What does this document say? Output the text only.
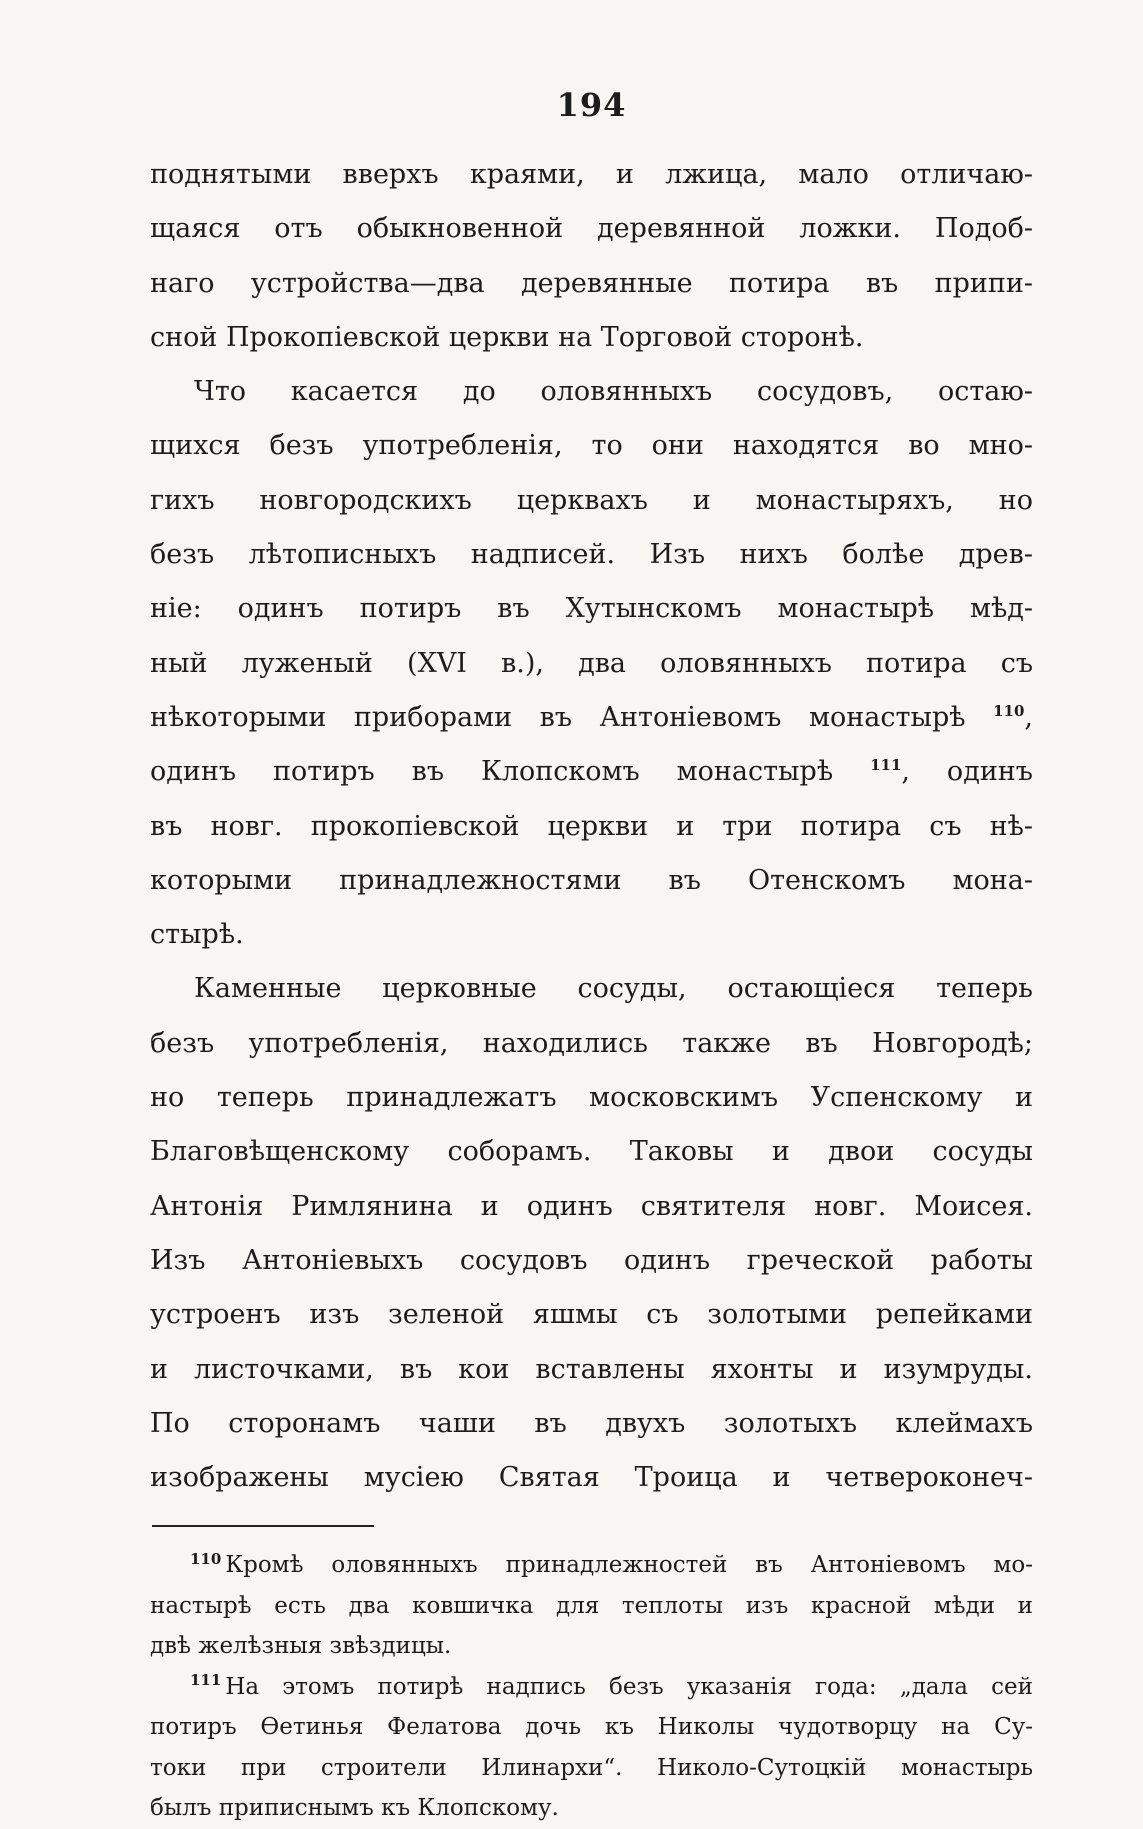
194
поднятыми вверхъ краями, и лжица, мало отличаю-
щаяся отъ обыкновенной деревянной ложки. Подоб-
наго устройства—два деревянные потира въ припи-
сной Прокопіевской церкви на Торговой сторонѣ.
Что касается до оловянныхъ сосудовъ, остаю-
щихся безъ употребленія, то они находятся во мно-
гихъ новгородскихъ церквахъ и монастыряхъ, но
безъ лѣтописныхъ надписей. Изъ нихъ болѣе древ-
ніе: одинъ потиръ въ Хутынскомъ монастырѣ мѣд-
ный луженый (XVI в.), два оловянныхъ потира съ
нѣкоторыми приборами въ Антоніевомъ монастырѣ $^{110}$,
одинъ потиръ въ Клопскомъ монастырѣ $^{111}$, одинъ
въ новг. прокопіевской церкви и три потира съ нѣ-
которыми принадлежностями въ Отенскомъ мона-
стырѣ.
Каменные церковные сосуды, остающіеся теперь
безъ употребленія, находились также въ Новгородѣ;
но теперь принадлежатъ московскимъ Успенскому и
Благовѣщенскому соборамъ. Таковы и двои сосуды
Антонія Римлянина и одинъ святителя новг. Моисея.
Изъ Антоніевыхъ сосудовъ одинъ греческой работы
устроенъ изъ зеленой яшмы съ золотыми репейками
и листочками, въ кои вставлены яхонты и изумруды.
По сторонамъ чаши въ двухъ золотыхъ клеймахъ
изображены мусіею Святая Троица и четвероконеч-
$^{110}$ Кромѣ оловянныхъ принадлежностей въ Антоніевомъ мо-
настырѣ есть два ковшичка для теплоты изъ красной мѣди и
двѣ желѣзныя звѣздицы.
$^{111}$ На этомъ потирѣ надпись безъ указанія года: „дала сей
потиръ Ѳетинья Фелатова дочь къ Николы чудотворцу на Су-
токи при строители Илинархи“. Николо-Сутоцкій монастырь
былъ приписнымъ къ Клопскому.
